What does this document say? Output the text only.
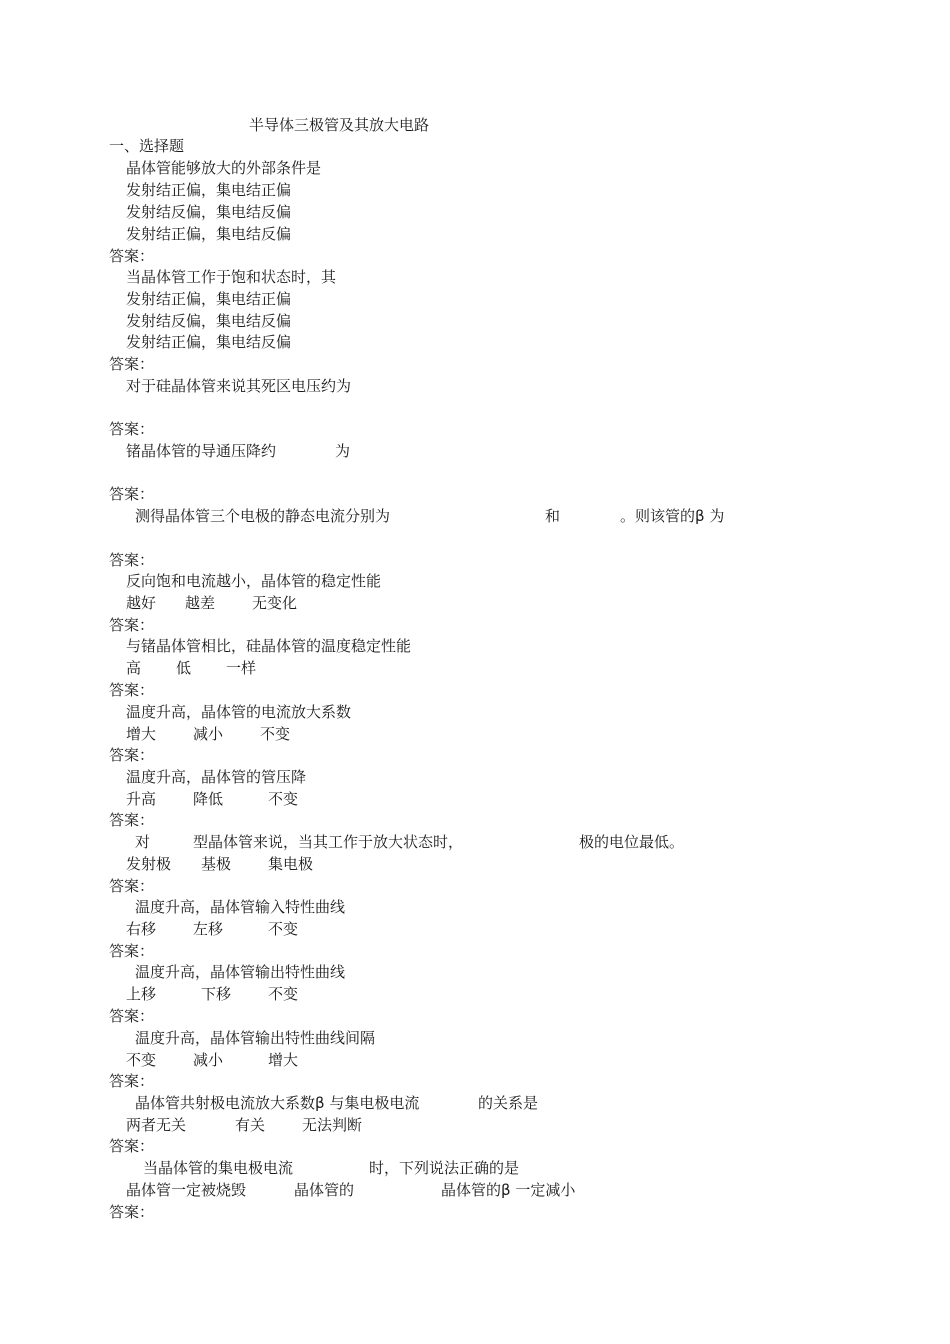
半导体三极管及其放大电路
一、选择题
晶体管能够放大的外部条件是
发射结正偏，集电结正偏
发射结反偏，集电结反偏
发射结正偏，集电结反偏
答案：
当晶体管工作于饱和状态时，其
发射结正偏，集电结正偏
发射结反偏，集电结反偏
发射结正偏，集电结反偏
答案：
对于硅晶体管来说其死区电压约为
答案：
锗晶体管的导通压降约	为
答案：
测得晶体管三个电极的静态电流分别为	和	。则该管的β 为
答案：
反向饱和电流越小，晶体管的稳定性能
越好 越差 无变化
答案：
与锗晶体管相比，硅晶体管的温度稳定性能
高 低 一样
答案：
温度升高，晶体管的电流放大系数
增大 减小 不变
答案：
温度升高，晶体管的管压降
升高 降低	不变
答案：
对	型晶体管来说，当其工作于放大状态时，	极的电位最低。
发射极 基极 集电极
答案：
温度升高，晶体管输入特性曲线
右移 左移	不变
答案：
温度升高，晶体管输出特性曲线
上移	下移 不变
答案：
温度升高，晶体管输出特性曲线间隔
不变 减小	增大
答案：
晶体管共射极电流放大系数β 与集电极电流	的关系是
两者无关	有关 无法判断
答案：
当晶体管的集电极电流	时，下列说法正确的是
晶体管一定被烧毁	晶体管的	晶体管的β 一定减小
答案：
